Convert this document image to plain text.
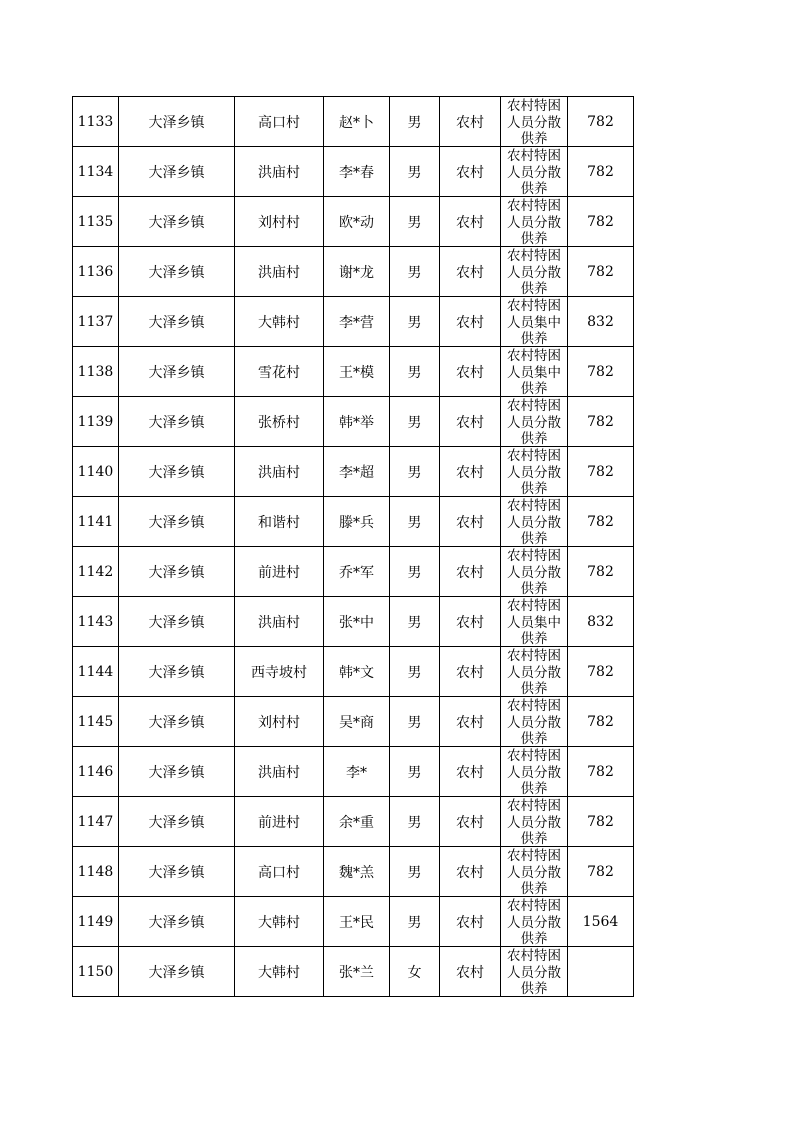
1133	大泽乡镇	高口村	赵*卜	男	农村	农村特困人员分散供养	782
1134	大泽乡镇	洪庙村	李*春	男	农村	农村特困人员分散供养	782
1135	大泽乡镇	刘村村	欧*动	男	农村	农村特困人员分散供养	782
1136	大泽乡镇	洪庙村	谢*龙	男	农村	农村特困人员分散供养	782
1137	大泽乡镇	大韩村	李*营	男	农村	农村特困人员集中供养	832
1138	大泽乡镇	雪花村	王*模	男	农村	农村特困人员集中供养	782
1139	大泽乡镇	张桥村	韩*举	男	农村	农村特困人员分散供养	782
1140	大泽乡镇	洪庙村	李*超	男	农村	农村特困人员分散供养	782
1141	大泽乡镇	和谐村	滕*兵	男	农村	农村特困人员分散供养	782
1142	大泽乡镇	前进村	乔*军	男	农村	农村特困人员分散供养	782
1143	大泽乡镇	洪庙村	张*中	男	农村	农村特困人员集中供养	832
1144	大泽乡镇	西寺坡村	韩*文	男	农村	农村特困人员分散供养	782
1145	大泽乡镇	刘村村	吴*商	男	农村	农村特困人员分散供养	782
1146	大泽乡镇	洪庙村	李*	男	农村	农村特困人员分散供养	782
1147	大泽乡镇	前进村	余*重	男	农村	农村特困人员分散供养	782
1148	大泽乡镇	高口村	魏*羔	男	农村	农村特困人员分散供养	782
1149	大泽乡镇	大韩村	王*民	男	农村	农村特困人员分散供养	1564
1150	大泽乡镇	大韩村	张*兰	女	农村	农村特困人员分散供养	
